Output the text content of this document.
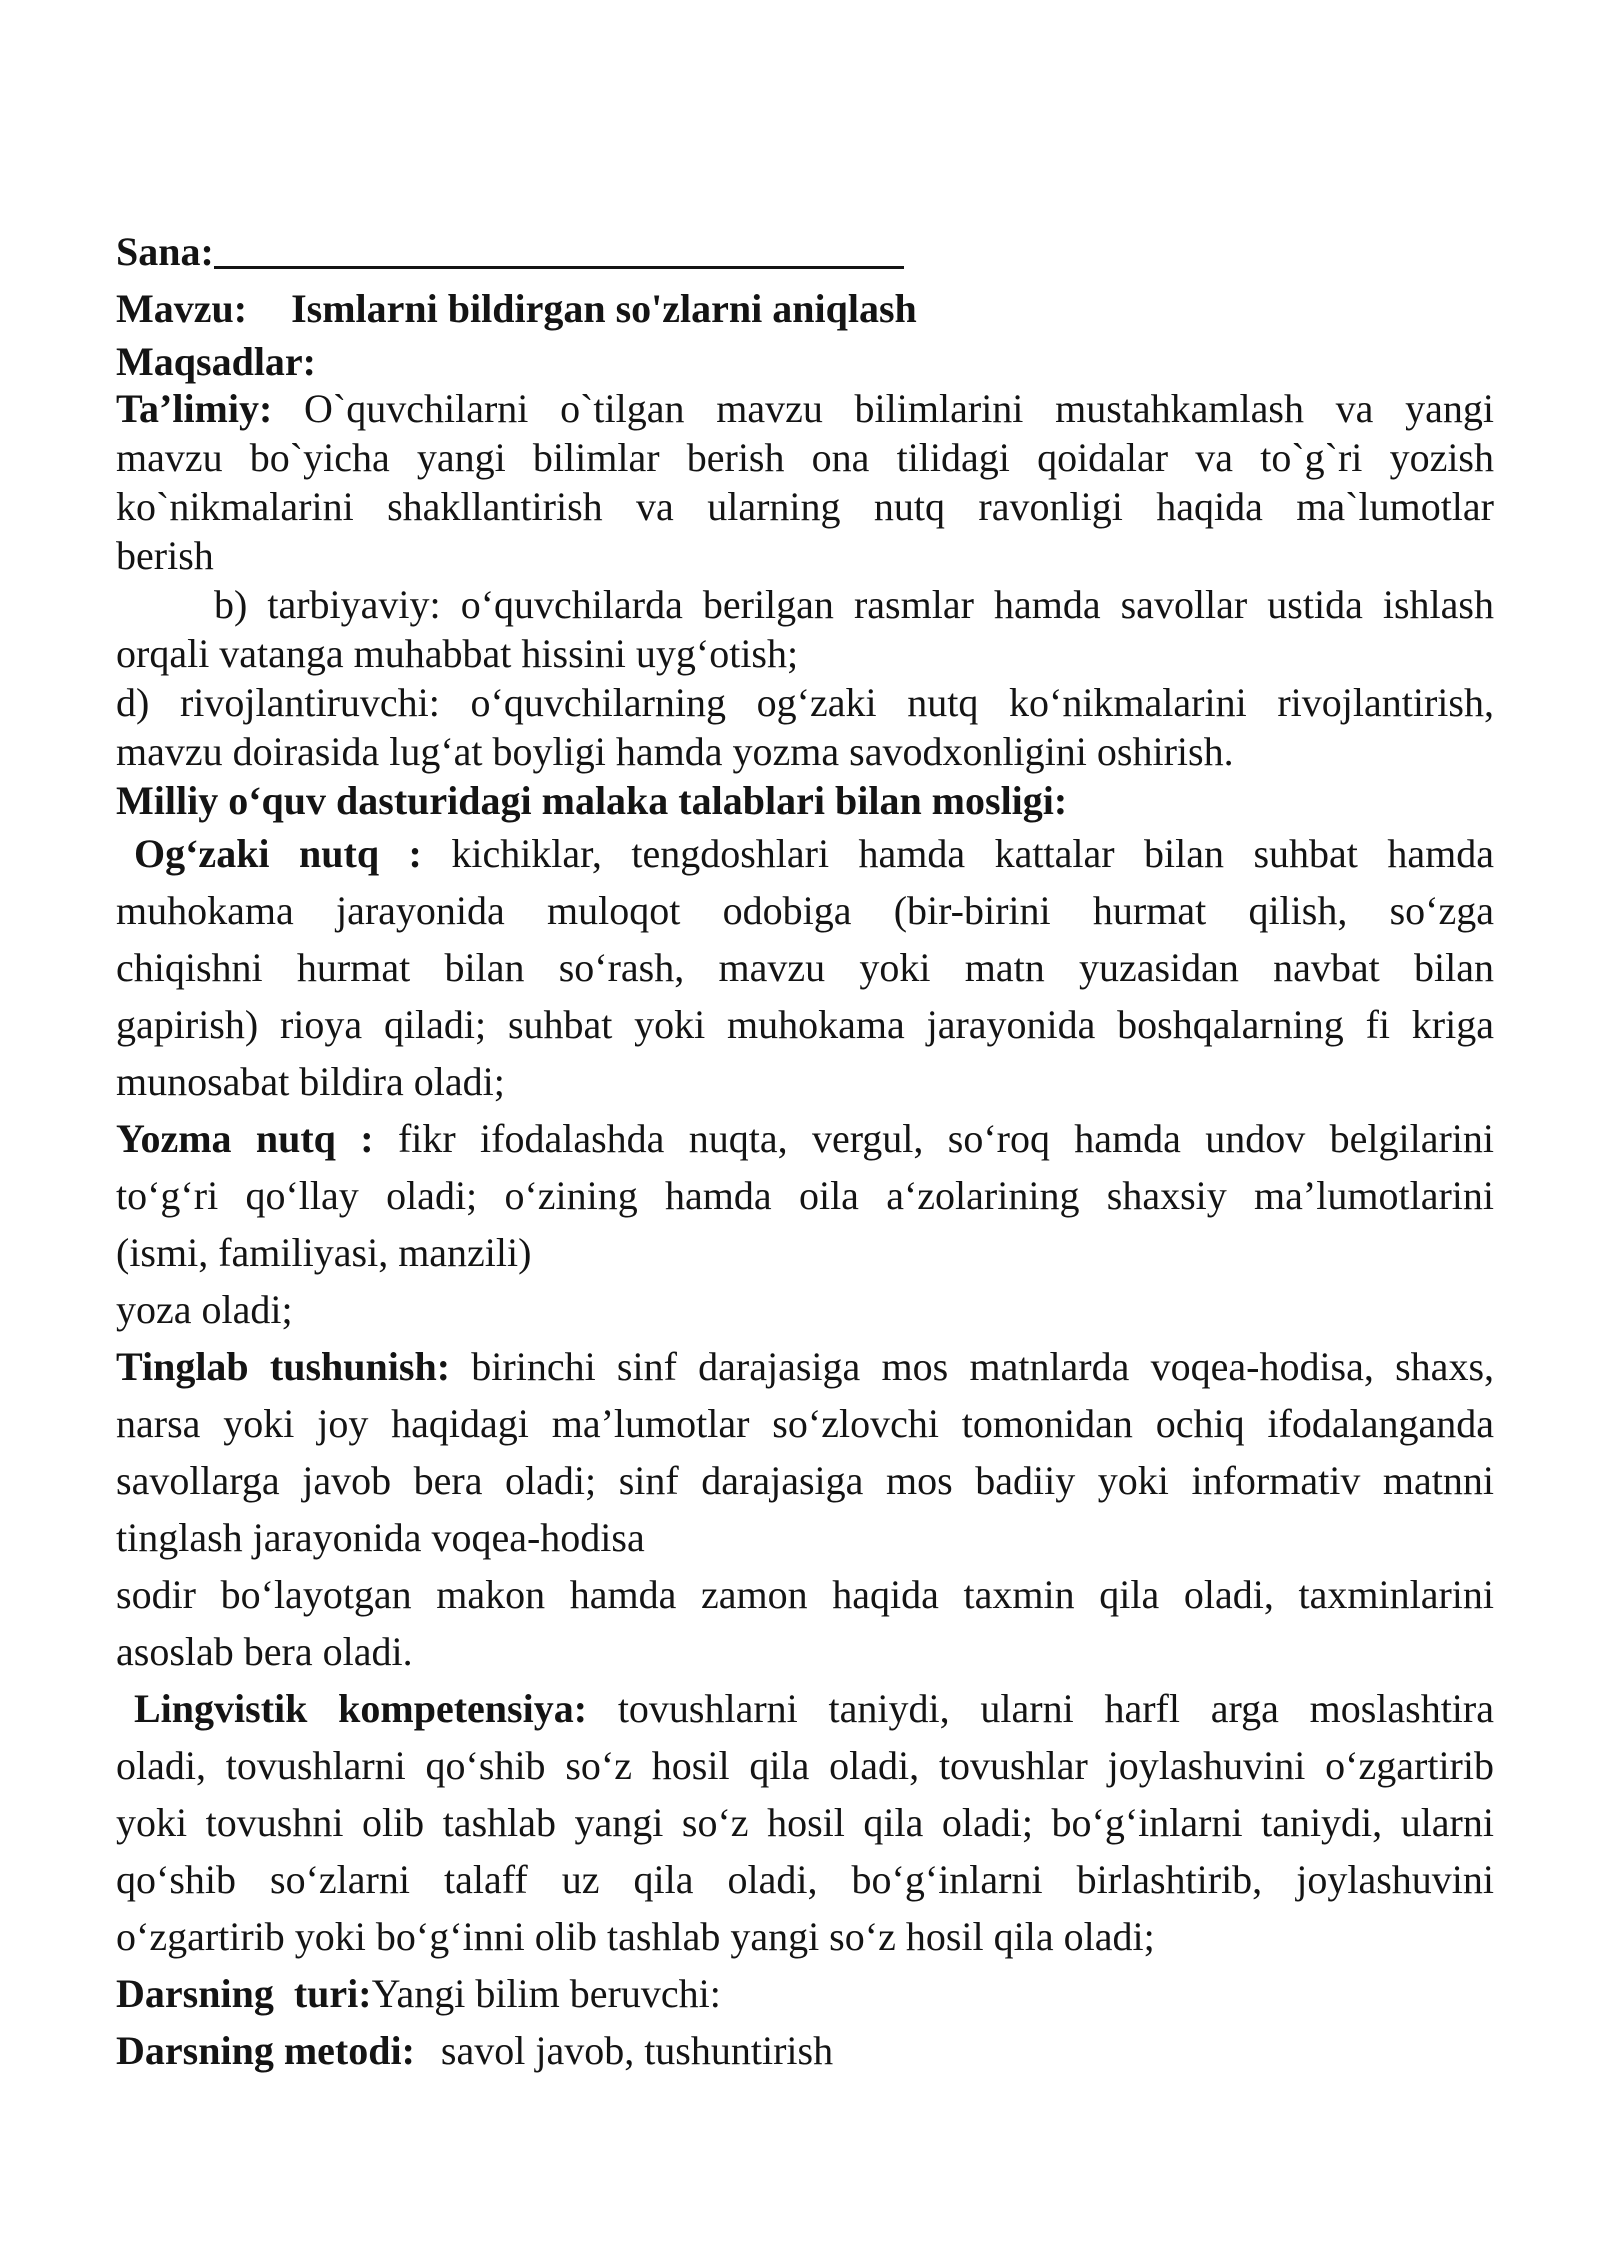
Sana:

Mavzu: Ismlarni bildirgan so'zlarni aniqlash

Maqsadlar:

Ta’limiy: O`quvchilarni o`tilgan mavzu bilimlarini mustahkamlash va yangi

mavzu bo`yicha yangi bilimlar berish ona tilidagi qoidalar va to`g`ri yozish

ko`nikmalarini shakllantirish va ularning nutq ravonligi haqida ma`lumotlar

berish

b) tarbiyaviy: o‘quvchilarda berilgan rasmlar hamda savollar ustida ishlash

orqali vatanga muhabbat hissini uyg‘otish;

d) rivojlantiruvchi: o‘quvchilarning og‘zaki nutq ko‘nikmalarini rivojlantirish,

mavzu doirasida lug‘at boyligi hamda yozma savodxonligini oshirish.

Milliy o‘quv dasturidagi malaka talablari bilan mosligi:

Og‘zaki nutq : kichiklar, tengdoshlari hamda kattalar bilan suhbat hamda

muhokama jarayonida muloqot odobiga (bir-birini hurmat qilish, so‘zga

chiqishni hurmat bilan so‘rash, mavzu yoki matn yuzasidan navbat bilan

gapirish) rioya qiladi; suhbat yoki muhokama jarayonida boshqalarning fi kriga

munosabat bildira oladi;

Yozma nutq : fikr ifodalashda nuqta, vergul, so‘roq hamda undov belgilarini

to‘g‘ri qo‘llay oladi; o‘zining hamda oila a‘zolarining shaxsiy ma’lumotlarini

(ismi, familiyasi, manzili)

yoza oladi;

Tinglab tushunish: birinchi sinf darajasiga mos matnlarda voqea-hodisa, shaxs,

narsa yoki joy haqidagi ma’lumotlar so‘zlovchi tomonidan ochiq ifodalanganda

savollarga javob bera oladi; sinf darajasiga mos badiiy yoki informativ matnni

tinglash jarayonida voqea-hodisa

sodir bo‘layotgan makon hamda zamon haqida taxmin qila oladi, taxminlarini

asoslab bera oladi.

Lingvistik kompetensiya: tovushlarni taniydi, ularni harfl arga moslashtira

oladi, tovushlarni qo‘shib so‘z hosil qila oladi, tovushlar joylashuvini o‘zgartirib

yoki tovushni olib tashlab yangi so‘z hosil qila oladi; bo‘g‘inlarni taniydi, ularni

qo‘shib so‘zlarni talaff uz qila oladi, bo‘g‘inlarni birlashtirib, joylashuvini

o‘zgartirib yoki bo‘g‘inni olib tashlab yangi so‘z hosil qila oladi;

Darsning  turi:Yangi bilim beruvchi:

Darsning metodi: savol javob, tushuntirish
